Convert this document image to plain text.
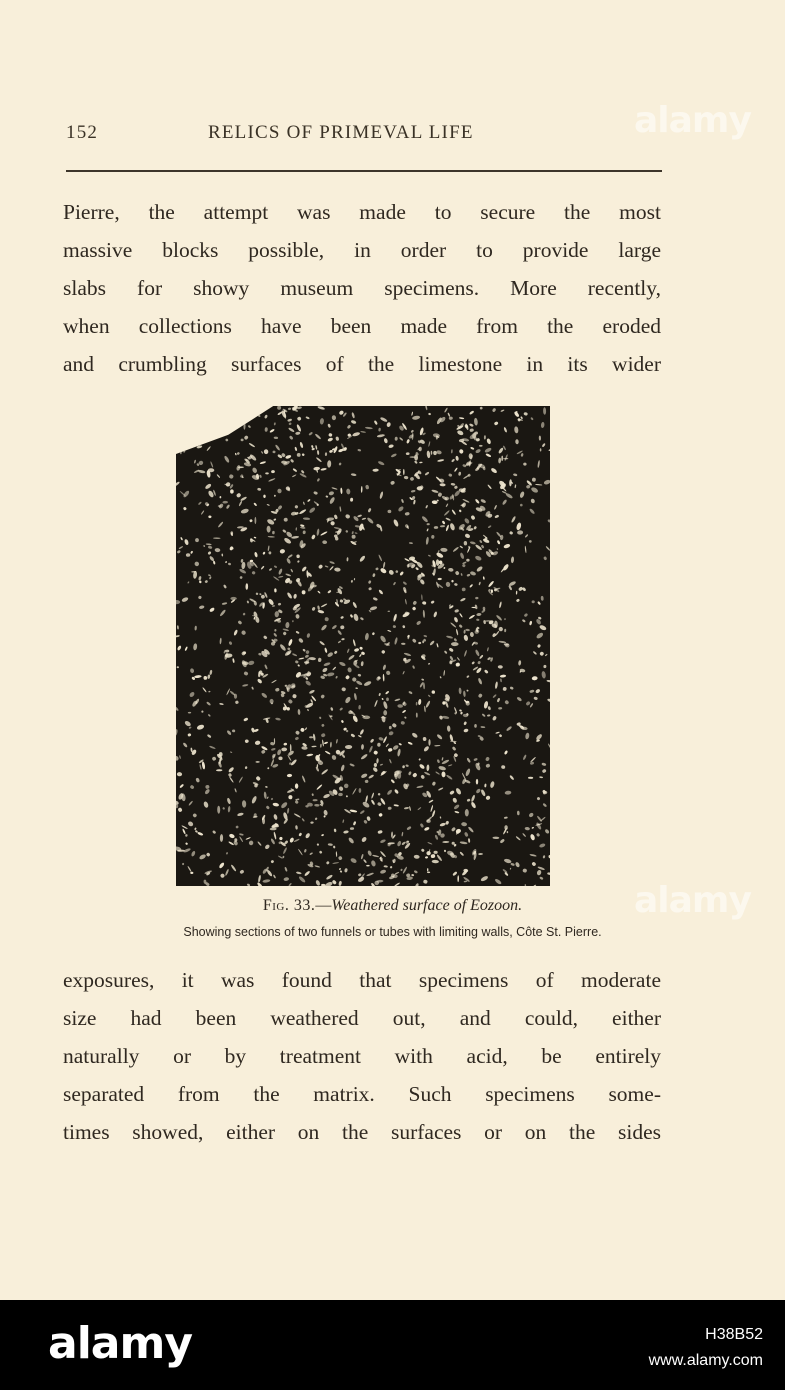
152	RELICS OF PRIMEVAL LIFE
Pierre, the attempt was made to secure the most
massive blocks possible, in order to provide large
slabs for showy museum specimens. More recently,
when collections have been made from the eroded
and crumbling surfaces of the limestone in its wider
Fig. 33.—Weathered surface of Eozoon.
Showing sections of two funnels or tubes with limiting walls, Côte St. Pierre.
exposures, it was found that specimens of moderate
size had been weathered out, and could, either
naturally or by treatment with acid, be entirely
separated from the matrix. Such specimens some-
times showed, either on the surfaces or on the sides
alamy
alamy
alamy	H38B52
www.alamy.com
